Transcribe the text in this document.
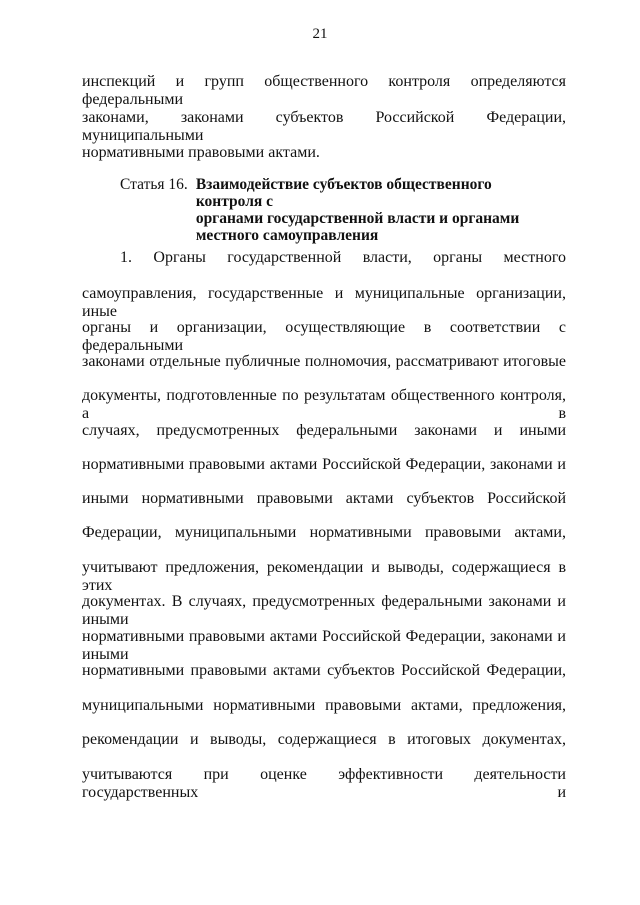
21
инспекций и групп общественного контроля определяются федеральными
законами, законами субъектов Российской Федерации, муниципальными
нормативными правовыми актами.
Статья 16. Взаимодействие субъектов общественного контроля с
органами государственной власти и органами
местного самоуправления
1. Органы государственной власти, органы местного
самоуправления, государственные и муниципальные организации, иные
органы и организации, осуществляющие в соответствии с федеральными
законами отдельные публичные полномочия, рассматривают итоговые
документы, подготовленные по результатам общественного контроля, а в
случаях, предусмотренных федеральными законами и иными
нормативными правовыми актами Российской Федерации, законами и
иными нормативными правовыми актами субъектов Российской
Федерации, муниципальными нормативными правовыми актами,
учитывают предложения, рекомендации и выводы, содержащиеся в этих
документах. В случаях, предусмотренных федеральными законами и иными
нормативными правовыми актами Российской Федерации, законами и иными
нормативными правовыми актами субъектов Российской Федерации,
муниципальными нормативными правовыми актами, предложения,
рекомендации и выводы, содержащиеся в итоговых документах,
учитываются при оценке эффективности деятельности государственных и
